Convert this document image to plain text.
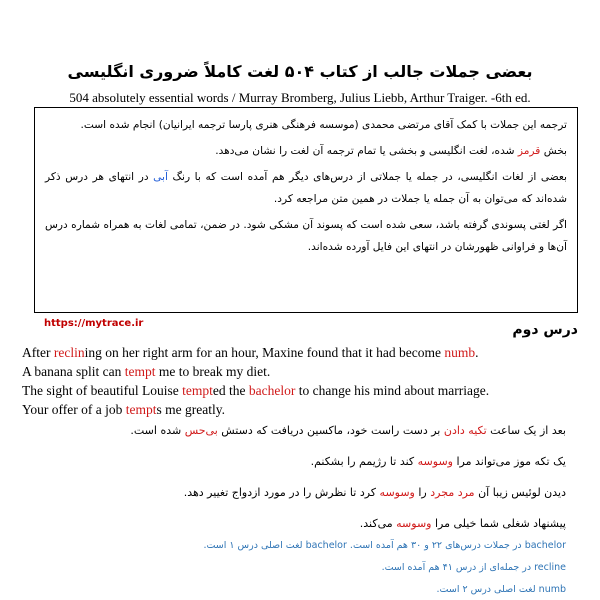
بعضی جملات جالب از کتاب ۵۰۴ لغت کاملاً ضروری انگلیسی
504 absolutely essential words / Murray Bromberg, Julius Liebb, Arthur Traiger. -6th ed.

ترجمه این جملات با کمک آقای مرتضی محمدی (موسسه فرهنگی هنری پارسا ترجمه ایرانیان) انجام شده است.

بخش قرمز شده، لغت انگلیسی و بخشی یا تمام ترجمه آن لغت را نشان می‌دهد.

بعضی از لغات انگلیسی، در جمله یا جملاتی از درس‌های دیگر هم آمده است که با رنگ آبی در انتهای هر درس ذکر شده‌اند که می‌توان به آن جمله یا جملات در همین متن مراجعه کرد.

اگر لغتی پسوندی گرفته باشد، سعی شده است که پسوند آن مشکی شود. در ضمن، تمامی لغات به همراه شماره درس آن‌ها و فراوانی ظهورشان در انتهای این فایل آورده شده‌اند.

https://mytrace.ir	درس دوم
After reclining on her right arm for an hour, Maxine found that it had become numb.
A banana split can tempt me to break my diet.
The sight of beautiful Louise tempted the bachelor to change his mind about marriage.
Your offer of a job tempts me greatly.
بعد از یک ساعت تکیه دادن بر دست راست خود، ماکسین دریافت که دستش بی‌حس شده است.
یک تکه موز می‌تواند مرا وسوسه کند تا رژیمم را بشکنم.
دیدن لوئیس زیبا آن مرد مجرد را وسوسه کرد تا نظرش را در مورد ازدواج تغییر دهد.
پیشنهاد شغلی شما خیلی مرا وسوسه می‌کند.
bachelor در جملات درس‌های ۲۲ و ۳۰ هم آمده است. bachelor لغت اصلی درس ۱ است.
recline در جمله‌ای از درس ۴۱ هم آمده است.
numb لغت اصلی درس ۲ است.
